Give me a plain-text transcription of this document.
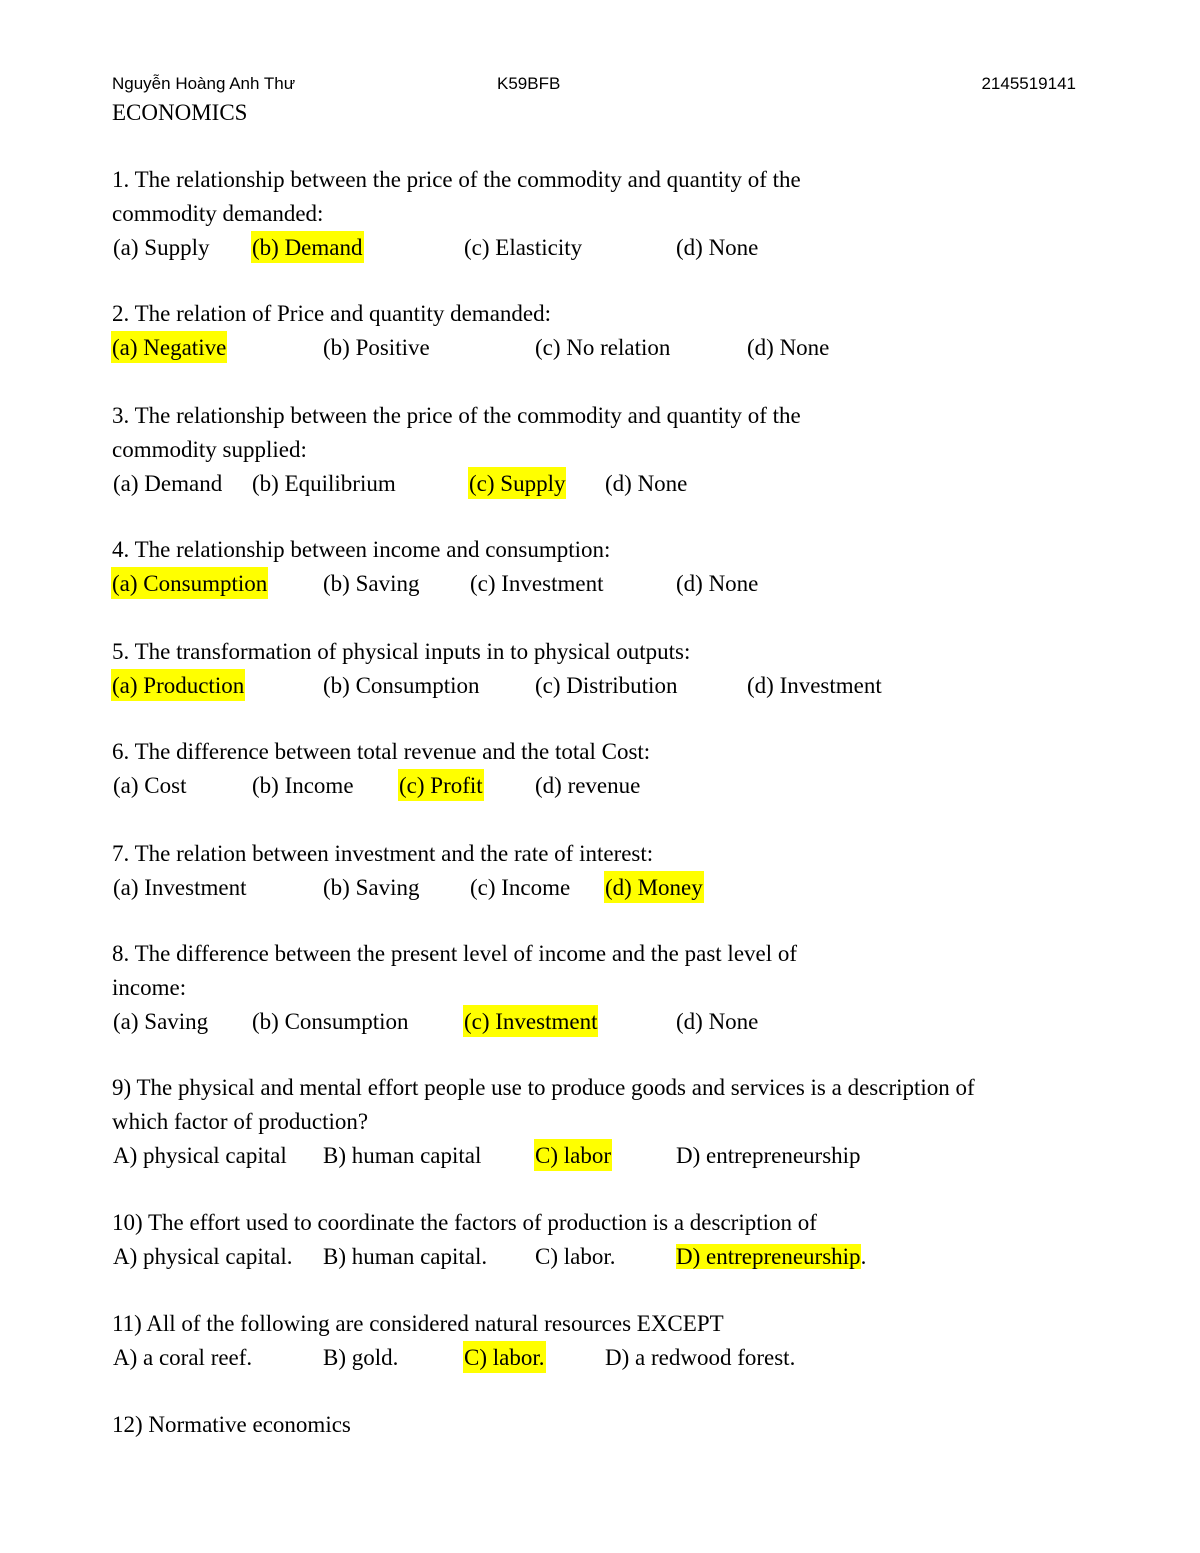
Nguyễn Hoàng Anh Thư	K59BFB	2145519141
ECONOMICS
1. The relationship between the price of the commodity and quantity of the
commodity demanded:
(a) Supply (b) Demand	(c) Elasticity	(d) None
2. The relation of Price and quantity demanded:
(a) Negative	(b) Positive	(c) No relation	(d) None
3. The relationship between the price of the commodity and quantity of the
commodity supplied:
(a) Demand (b) Equilibrium	(c) Supply (d) None
4. The relationship between income and consumption:
(a) Consumption (b) Saving (c) Investment	(d) None
5. The transformation of physical inputs in to physical outputs:
(a) Production	(b) Consumption (c) Distribution	(d) Investment
6. The difference between total revenue and the total Cost:
(a) Cost	(b) Income (c) Profit (d) revenue
7. The relation between investment and the rate of interest:
(a) Investment	(b) Saving (c) Income (d) Money
8. The difference between the present level of income and the past level of
income:
(a) Saving (b) Consumption (c) Investment	(d) None
9) The physical and mental effort people use to produce goods and services is a description of
which factor of production?
A) physical capital B) human capital C) labor	D) entrepreneurship
10) The effort used to coordinate the factors of production is a description of
A) physical capital. B) human capital. C) labor.	D) entrepreneurship.
11) All of the following are considered natural resources EXCEPT
A) a coral reef.	B) gold.	C) labor.	D) a redwood forest.
12) Normative economics
